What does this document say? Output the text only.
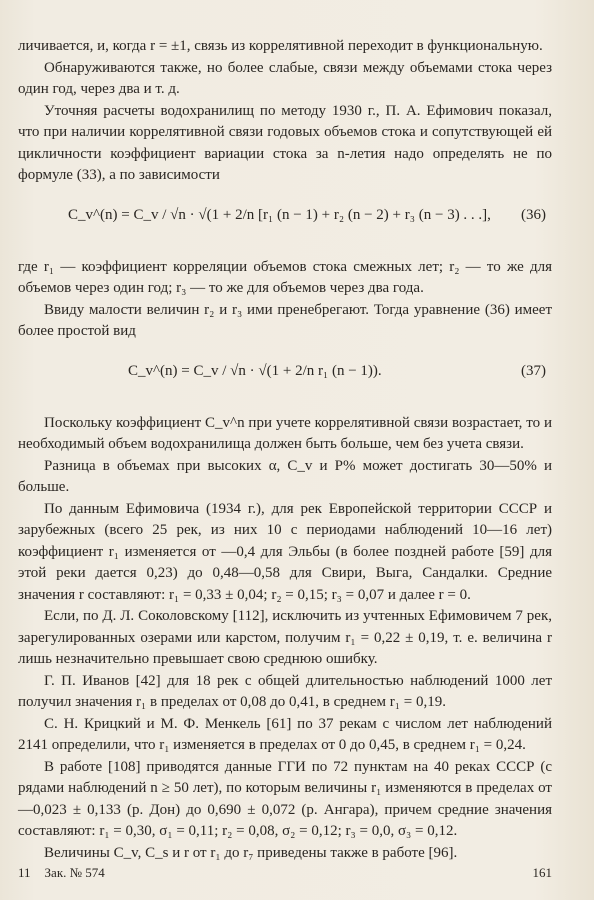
личивается, и, когда r = ±1, связь из коррелятивной переходит в функциональную.

Обнаруживаются также, но более слабые, связи между объемами стока через один год, через два и т. д.

Уточняя расчеты водохранилищ по методу 1930 г., П. А. Ефимович показал, что при наличии коррелятивной связи годовых объемов стока и сопутствующей ей цикличности коэффициент вариации стока за n-летия надо определять не по формуле (33), а по зависимости

C_v^(n) = C_v / √n · √(1 + 2/n [r₁ (n − 1) + r₂ (n − 2) + r₃ (n − 3) . . .], (36)

где r₁ — коэффициент корреляции объемов стока смежных лет; r₂ — то же для объемов через один год; r₃ — то же для объемов через два года.

Ввиду малости величин r₂ и r₃ ими пренебрегают. Тогда уравнение (36) имеет более простой вид

C_v^(n) = C_v / √n · √(1 + 2/n r₁ (n − 1)).	(37)

Поскольку коэффициент C_v^n при учете коррелятивной связи возрастает, то и необходимый объем водохранилища должен быть больше, чем без учета связи.

Разница в объемах при высоких α, C_v и P% может достигать 30—50% и больше.

По данным Ефимовича (1934 г.), для рек Европейской территории СССР и зарубежных (всего 25 рек, из них 10 с периодами наблюдений 10—16 лет) коэффициент r₁ изменяется от —0,4 для Эльбы (в более поздней работе [59] для этой реки дается 0,23) до 0,48—0,58 для Свири, Выга, Сандалки. Средние значения r составляют: r₁ = 0,33 ± 0,04; r₂ = 0,15; r₃ = 0,07 и далее r = 0.

Если, по Д. Л. Соколовскому [112], исключить из учтенных Ефимовичем 7 рек, зарегулированных озерами или карстом, получим r₁ = 0,22 ± 0,19, т. е. величина r лишь незначительно превышает свою среднюю ошибку.

Г. П. Иванов [42] для 18 рек с общей длительностью наблюдений 1000 лет получил значения r₁ в пределах от 0,08 до 0,41, в среднем r₁ = 0,19.

С. Н. Крицкий и М. Ф. Менкель [61] по 37 рекам с числом лет наблюдений 2141 определили, что r₁ изменяется в пределах от 0 до 0,45, в среднем r₁ = 0,24.

В работе [108] приводятся данные ГГИ по 72 пунктам на 40 реках СССР (с рядами наблюдений n ≥ 50 лет), по которым величины r₁ изменяются в пределах от —0,023 ± 0,133 (р. Дон) до 0,690 ± 0,072 (р. Ангара), причем средние значения составляют: r₁ = 0,30, σ₁ = 0,11; r₂ = 0,08, σ₂ = 0,12; r₃ = 0,0, σ₃ = 0,12.

Величины C_v, C_s и r от r₁ до r₇ приведены также в работе [96].

11 Зак. № 574	161
